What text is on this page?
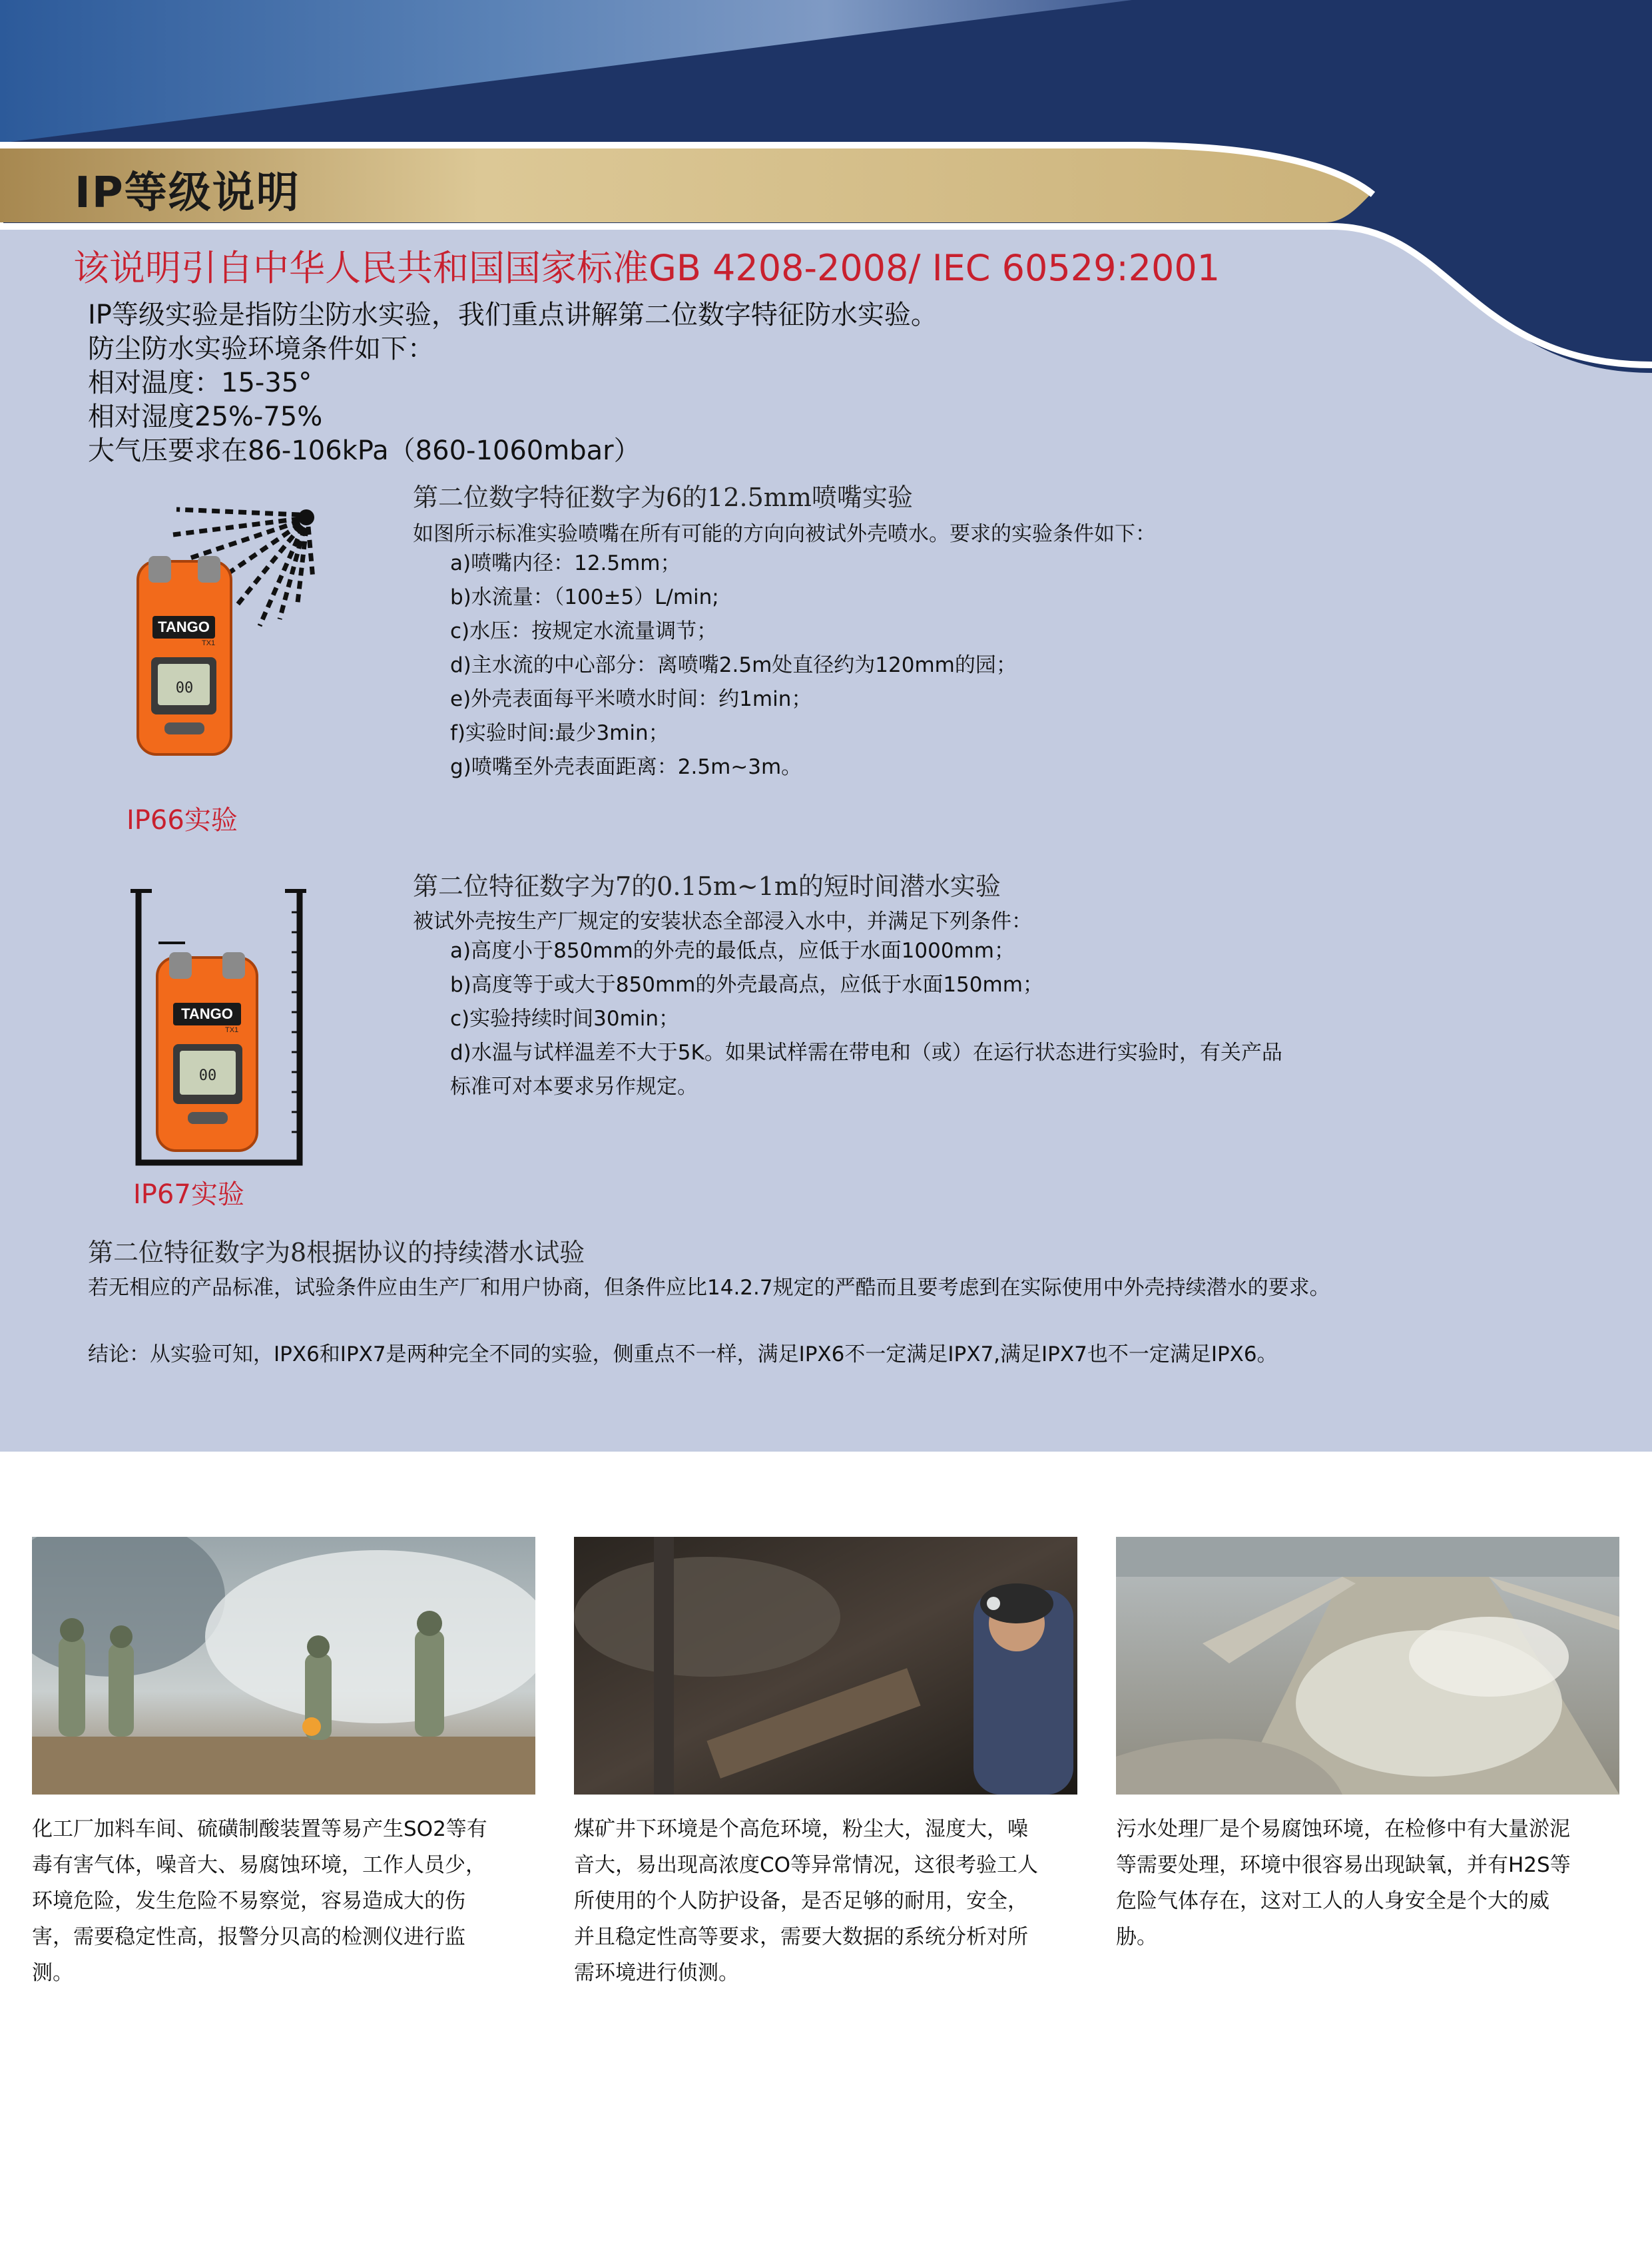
IP等级说明
该说明引自中华人民共和国国家标准GB 4208-2008/ IEC 60529:2001
IP等级实验是指防尘防水实验，我们重点讲解第二位数字特征防水实验。
防尘防水实验环境条件如下：
相对温度：15-35°
相对湿度25%-75%
大气压要求在86-106kPa（860-1060mbar）
TANGO
TX1
00
IP66实验
第二位数字特征数字为6的12.5mm喷嘴实验
如图所示标准实验喷嘴在所有可能的方向向被试外壳喷水。要求的实验条件如下：
a)喷嘴内径：12.5mm；
b)水流量：（100±5）L/min;
c)水压：按规定水流量调节；
d)主水流的中心部分：离喷嘴2.5m处直径约为120mm的园；
e)外壳表面每平米喷水时间：约1min；
f)实验时间:最少3min；
g)喷嘴至外壳表面距离：2.5m~3m。
TANGO
TX1
00
IP67实验
第二位特征数字为7的0.15m~1m的短时间潜水实验
被试外壳按生产厂规定的安装状态全部浸入水中，并满足下列条件：
a)高度小于850mm的外壳的最低点，应低于水面1000mm；
b)高度等于或大于850mm的外壳最高点，应低于水面150mm；
c)实验持续时间30min；
d)水温与试样温差不大于5K。如果试样需在带电和（或）在运行状态进行实验时，有关产品
标准可对本要求另作规定。
第二位特征数字为8根据协议的持续潜水试验
若无相应的产品标准，试验条件应由生产厂和用户协商，但条件应比14.2.7规定的严酷而且要考虑到在实际使用中外壳持续潜水的要求。
结论：从实验可知，IPX6和IPX7是两种完全不同的实验，侧重点不一样，满足IPX6不一定满足IPX7,满足IPX7也不一定满足IPX6。
化工厂加料车间、硫磺制酸装置等易产生SO2等有
毒有害气体，噪音大、易腐蚀环境，工作人员少，
环境危险，发生危险不易察觉，容易造成大的伤
害，需要稳定性高，报警分贝高的检测仪进行监
测。
煤矿井下环境是个高危环境，粉尘大，湿度大，噪
音大，易出现高浓度CO等异常情况，这很考验工人
所使用的个人防护设备，是否足够的耐用，安全，
并且稳定性高等要求，需要大数据的系统分析对所
需环境进行侦测。
污水处理厂是个易腐蚀环境，在检修中有大量淤泥
等需要处理，环境中很容易出现缺氧，并有H2S等
危险气体存在，这对工人的人身安全是个大的威
胁。
